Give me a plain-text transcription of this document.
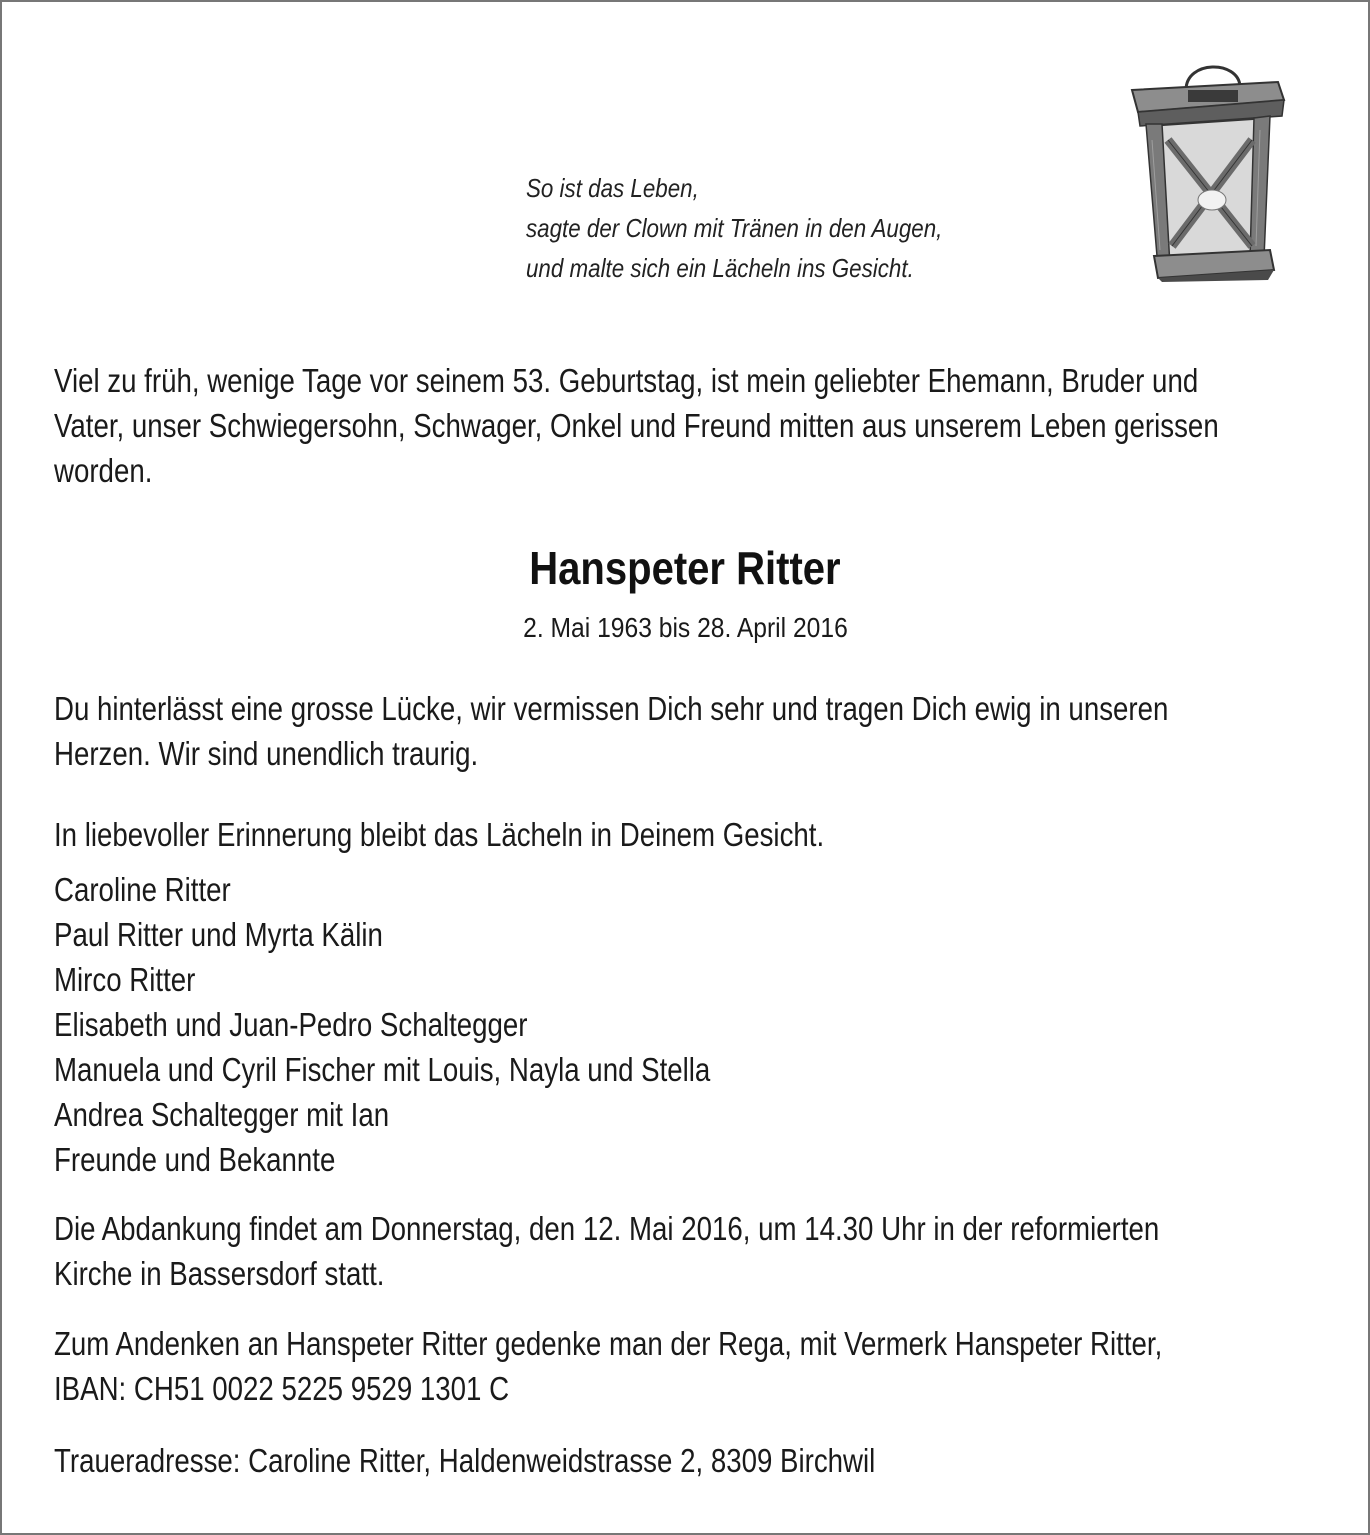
So ist das Leben,
sagte der Clown mit Tränen in den Augen,
und malte sich ein Lächeln ins Gesicht.
Viel zu früh, wenige Tage vor seinem 53. Geburtstag, ist mein geliebter Ehemann, Bruder und
Vater, unser Schwiegersohn, Schwager, Onkel und Freund mitten aus unserem Leben gerissen
worden.
Hanspeter Ritter
2. Mai 1963 bis 28. April 2016
Du hinterlässt eine grosse Lücke, wir vermissen Dich sehr und tragen Dich ewig in unseren
Herzen. Wir sind unendlich traurig.
In liebevoller Erinnerung bleibt das Lächeln in Deinem Gesicht.
Caroline Ritter
Paul Ritter und Myrta Kälin
Mirco Ritter
Elisabeth und Juan-Pedro Schaltegger
Manuela und Cyril Fischer mit Louis, Nayla und Stella
Andrea Schaltegger mit Ian
Freunde und Bekannte
Die Abdankung findet am Donnerstag, den 12. Mai 2016, um 14.30 Uhr in der reformierten
Kirche in Bassersdorf statt.
Zum Andenken an Hanspeter Ritter gedenke man der Rega, mit Vermerk Hanspeter Ritter,
IBAN: CH51 0022 5225 9529 1301 C
Traueradresse: Caroline Ritter, Haldenweidstrasse 2, 8309 Birchwil
